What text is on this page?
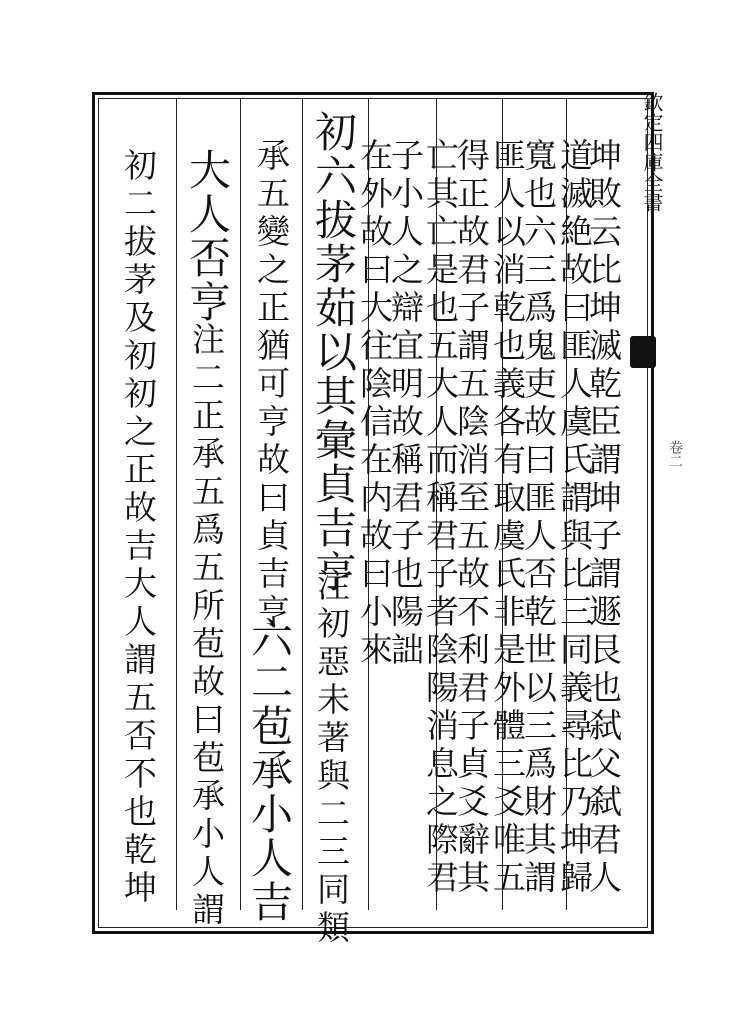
欽定四庫全書
卷二
坤敗云比坤滅乾臣謂坤子謂遯艮也弑父弑君人
道滅絶故曰匪人虞氏謂與比三同義尋比乃坤歸
寬也六三爲鬼吏故曰匪人否乾世以三爲財其謂
匪人以消乾也義各有取虞氏非是外體三爻唯五
得正故君子謂五陰消至五故不利君子貞爻辭其
亡其亡是也五大人而稱君子者陰陽消息之際君
子小人之辯宜明故稱君子也陽詘
在外故曰大往陰信在内故曰小來
初六拔茅茹以其彙貞吉亨
注初惡未著與二三同類
承五變之正猶可亨故曰貞吉亨
六二苞承小人吉
大人否亨
注二正承五爲五所苞故曰苞承小人謂
初二拔茅及初初之正故吉大人謂五否不也乾坤
